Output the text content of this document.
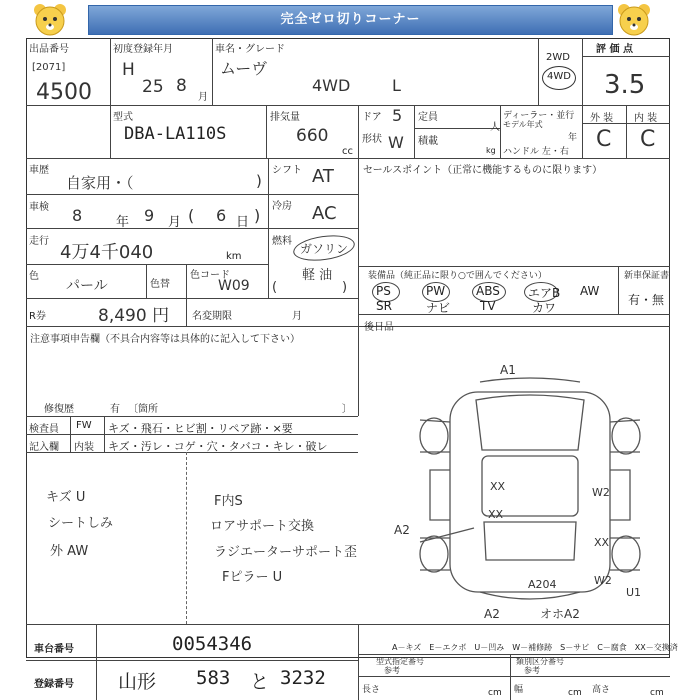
完全ゼロ切りコーナー
出品番号
[2071]
4500
初度登録年月
H
25 8
月
車名・グレード
ムーヴ
4WD	L
2WD
4WD
評 価 点
3.5
外 装 内 装
C C
型式
DBA-LA110S
排気量
660
cc
ドア 5
形状 W
定員
人
積載
kg
ディーラー・並行
モデル年式
年
ハンドル 左・右
車歴
自家用・（	)
シフト AT
車検 8	年 9 月 ( 6 日 ) 冷房 AC
走行
4万4千040	km
燃料
ガソリン
軽 油
(	)
色
パール	色替
色コード
W09
R券	8,490 円 名変期限	月
セールスポイント（正常に機能するものに限ります）
装備品（純正品に限り○で囲んでください）	新車保証書
有・無
PS	PW	ABS エアB AW
SR	ナビ TV	カワ
後日品
注意事項申告欄（不具合内容等は具体的に記入して下さい）
修復歴	有 〔箇所	〕
検査員
記入欄
FW
内装
キズ・飛石・ヒビ割・リペア跡・×要
キズ・汚レ・コゲ・穴・タバコ・キレ・破レ
キズ U
シートしみ
外 AW
F内S
ロアサポート交換
ラジエーターサポート歪
Fピラー U
A1
XX
XX
W2
XX
A2
A204	W2
U1
A2	オホA2
車台番号	0054346
登録番号 山形 583 と 3232
A－キズ　E－エクボ　U－凹み　W－補修跡　S－サビ　C－腐食　XX－交換済
型式指定番号
参考
類別区分番号
参考
長さ	cm 幅	cm 高さ	cm
